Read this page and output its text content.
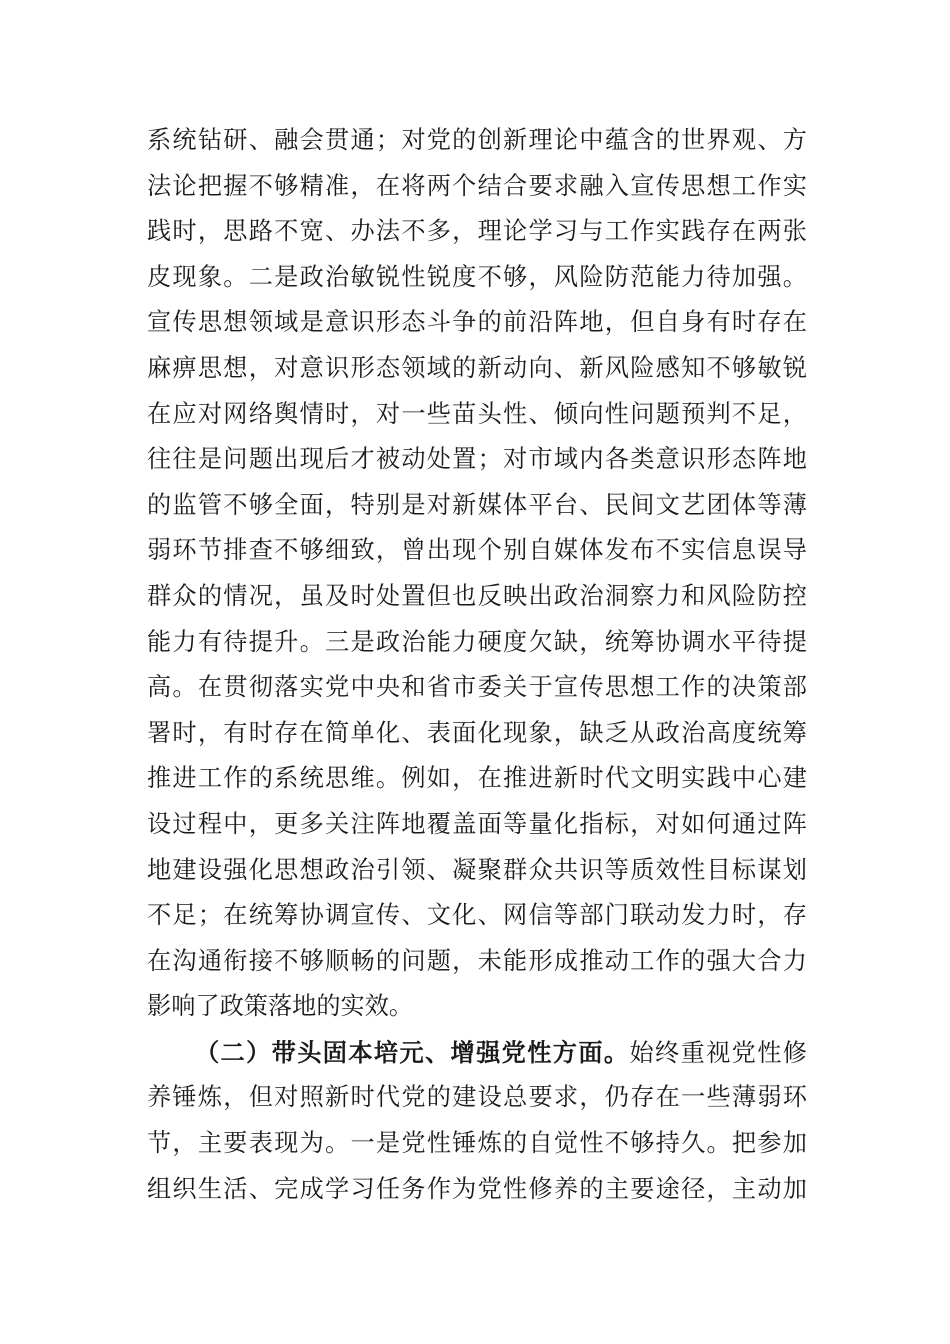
系统钻研、融会贯通；对党的创新理论中蕴含的世界观、方
法论把握不够精准，在将两个结合要求融入宣传思想工作实
践时，思路不宽、办法不多，理论学习与工作实践存在两张
皮现象。二是政治敏锐性锐度不够，风险防范能力待加强。
宣传思想领域是意识形态斗争的前沿阵地，但自身有时存在
麻痹思想，对意识形态领域的新动向、新风险感知不够敏锐
在应对网络舆情时，对一些苗头性、倾向性问题预判不足，
往往是问题出现后才被动处置；对市域内各类意识形态阵地
的监管不够全面，特别是对新媒体平台、民间文艺团体等薄
弱环节排查不够细致，曾出现个别自媒体发布不实信息误导
群众的情况，虽及时处置但也反映出政治洞察力和风险防控
能力有待提升。三是政治能力硬度欠缺，统筹协调水平待提
高。在贯彻落实党中央和省市委关于宣传思想工作的决策部
署时，有时存在简单化、表面化现象，缺乏从政治高度统筹
推进工作的系统思维。例如，在推进新时代文明实践中心建
设过程中，更多关注阵地覆盖面等量化指标，对如何通过阵
地建设强化思想政治引领、凝聚群众共识等质效性目标谋划
不足；在统筹协调宣传、文化、网信等部门联动发力时，存
在沟通衔接不够顺畅的问题，未能形成推动工作的强大合力
影响了政策落地的实效。
（二）带头固本培元、增强党性方面。始终重视党性修
养锤炼，但对照新时代党的建设总要求，仍存在一些薄弱环
节，主要表现为。一是党性锤炼的自觉性不够持久。把参加
组织生活、完成学习任务作为党性修养的主要途径，主动加
